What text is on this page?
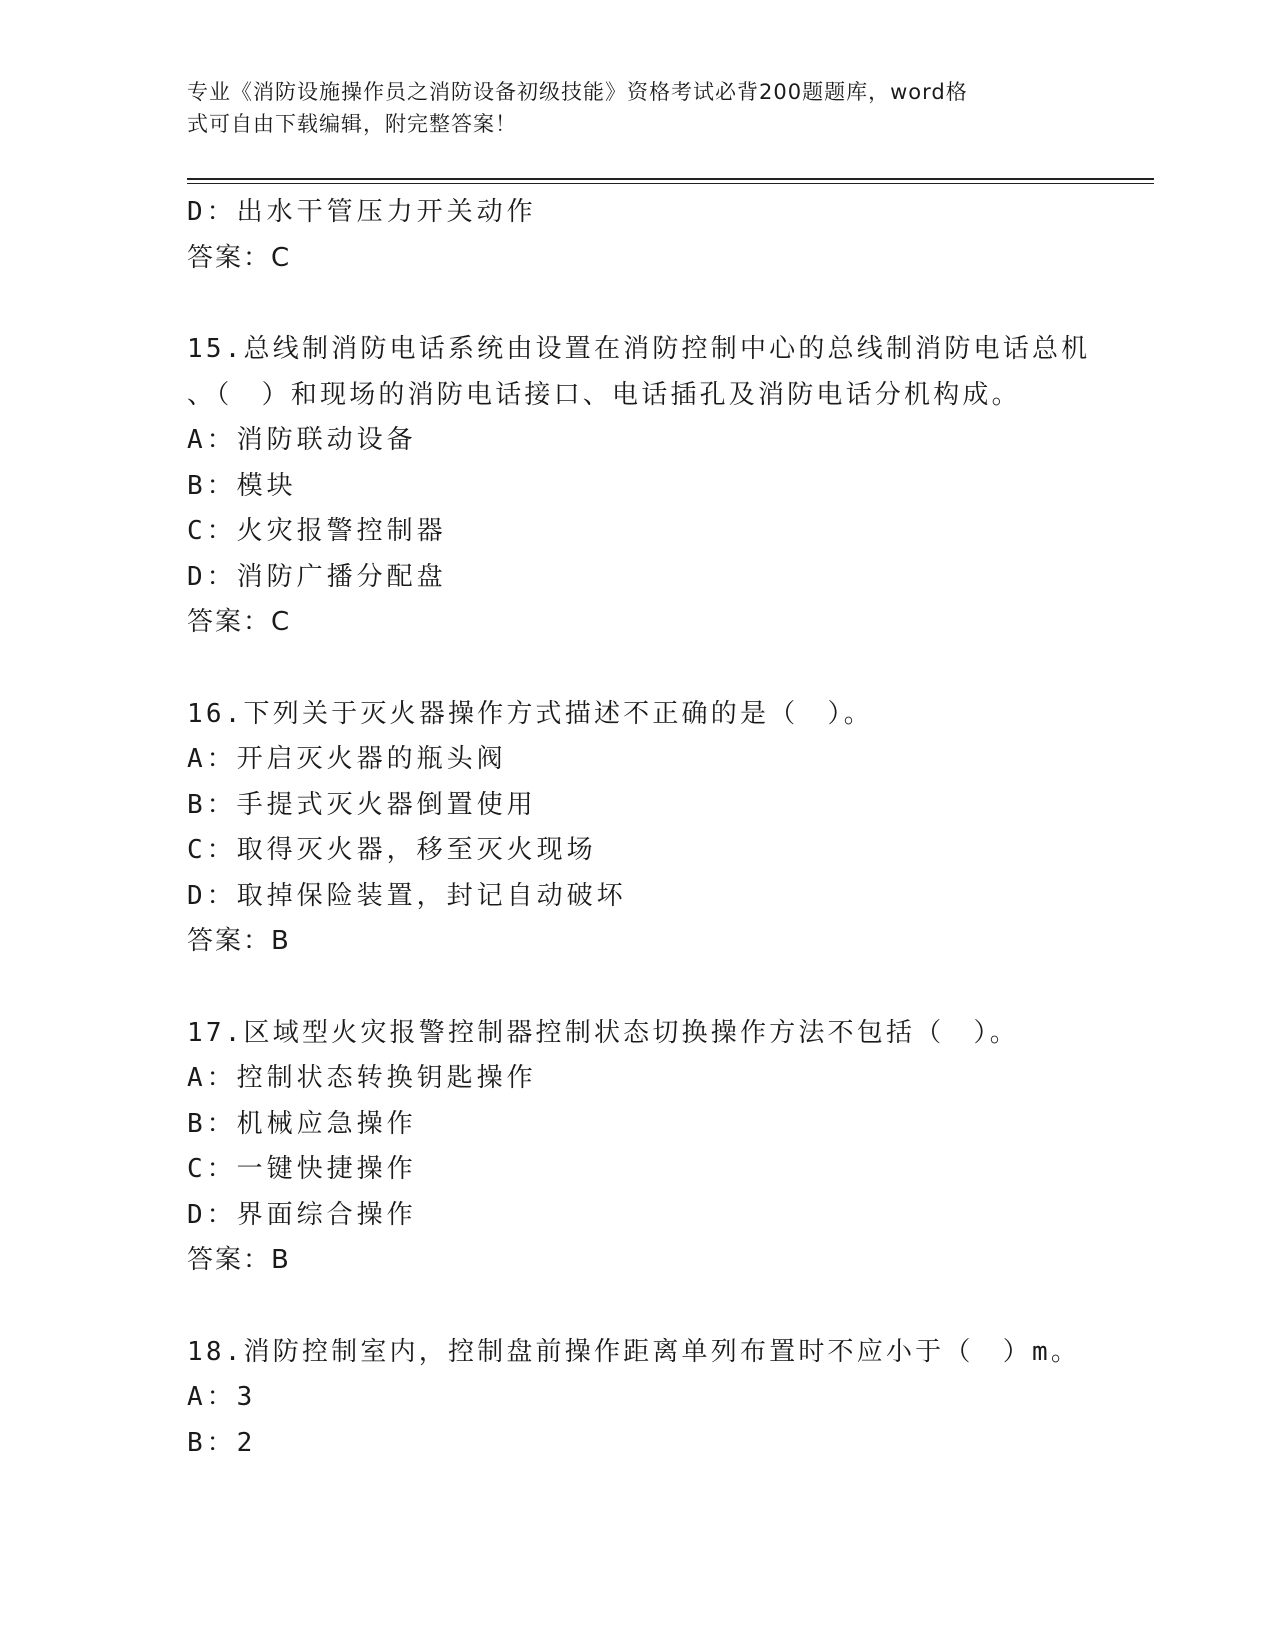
专业《消防设施操作员之消防设备初级技能》资格考试必背200题题库，word格
式可自由下载编辑，附完整答案！
D：出水干管压力开关动作
答案：C
15.总线制消防电话系统由设置在消防控制中心的总线制消防电话总机
、（　）和现场的消防电话接口、电话插孔及消防电话分机构成。
A：消防联动设备
B：模块
C：火灾报警控制器
D：消防广播分配盘
答案：C
16.下列关于灭火器操作方式描述不正确的是（　）。
A：开启灭火器的瓶头阀
B：手提式灭火器倒置使用
C：取得灭火器，移至灭火现场
D：取掉保险装置，封记自动破坏
答案：B
17.区域型火灾报警控制器控制状态切换操作方法不包括（　）。
A：控制状态转换钥匙操作
B：机械应急操作
C：一键快捷操作
D：界面综合操作
答案：B
18.消防控制室内，控制盘前操作距离单列布置时不应小于（　）m。
A：3
B：2
